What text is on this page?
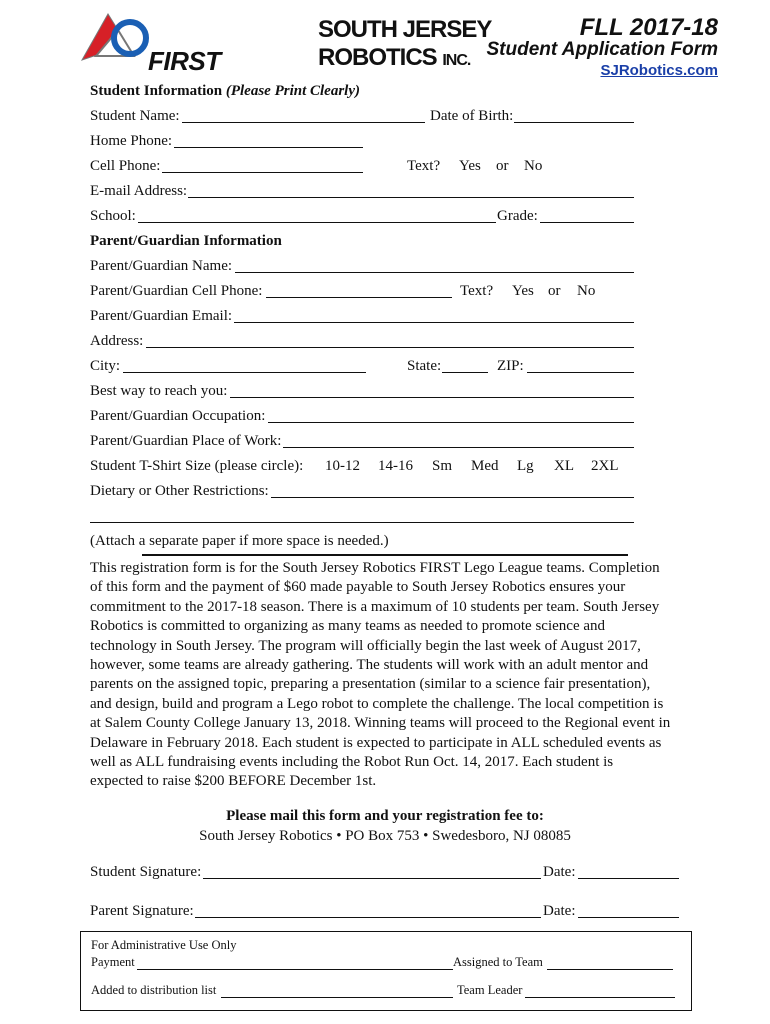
FIRST
SOUTH JERSEY
ROBOTICS INC.
FLL 2017-18
Student Application Form
SJRobotics.com
Student Information (Please Print Clearly)
Student Name:	Date of Birth:
Home Phone:
Cell Phone:	Text? Yes or No
E-mail Address:
School:	Grade:
Parent/Guardian Information
Parent/Guardian Name:
Parent/Guardian Cell Phone:	Text? Yes or No
Parent/Guardian Email:
Address:
City:	State:	ZIP:
Best way to reach you:
Parent/Guardian Occupation:
Parent/Guardian Place of Work:
Student T-Shirt Size (please circle): 10-12 14-16 Sm Med Lg XL 2XL
Dietary or Other Restrictions:
(Attach a separate paper if more space is needed.)
This registration form is for the South Jersey Robotics FIRST Lego League teams. Completion
of this form and the payment of $60 made payable to South Jersey Robotics ensures your
commitment to the 2017-18 season. There is a maximum of 10 students per team. South Jersey
Robotics is committed to organizing as many teams as needed to promote science and
technology in South Jersey. The program will officially begin the last week of August 2017,
however, some teams are already gathering. The students will work with an adult mentor and
parents on the assigned topic, preparing a presentation (similar to a science fair presentation),
and design, build and program a Lego robot to complete the challenge. The local competition is
at Salem County College January 13, 2018. Winning teams will proceed to the Regional event in
Delaware in February 2018. Each student is expected to participate in ALL scheduled events as
well as ALL fundraising events including the Robot Run Oct. 14, 2017. Each student is
expected to raise $200 BEFORE December 1st.
Please mail this form and your registration fee to:
South Jersey Robotics • PO Box 753 • Swedesboro, NJ 08085
Student Signature:	Date:
Parent Signature:	Date:
For Administrative Use Only
Payment	Assigned to Team
Added to distribution list	Team Leader
